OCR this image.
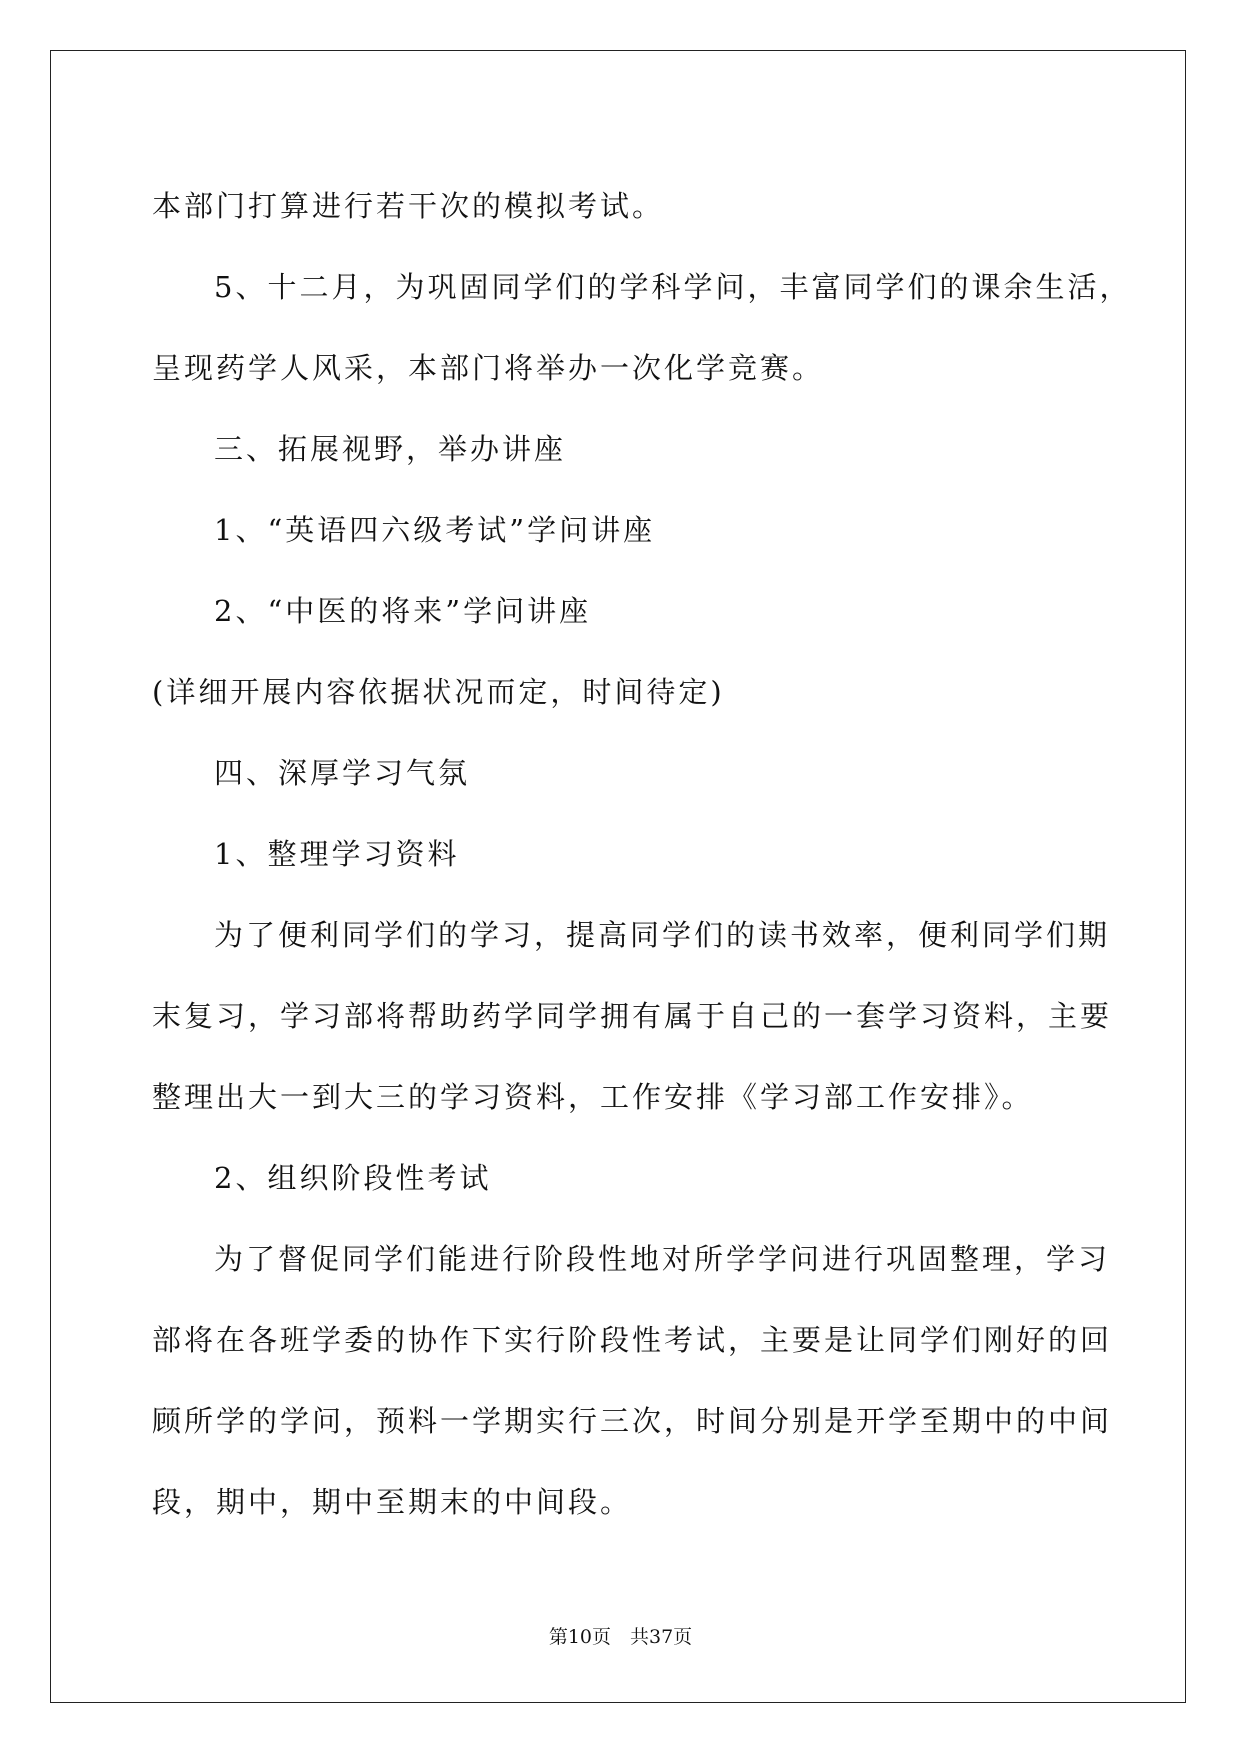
本部门打算进行若干次的模拟考试。

5、十二月，为巩固同学们的学科学问，丰富同学们的课余生活，

呈现药学人风采，本部门将举办一次化学竞赛。

三、拓展视野，举办讲座

1、“英语四六级考试”学问讲座

2、“中医的将来”学问讲座

(详细开展内容依据状况而定，时间待定)

四、深厚学习气氛

1、整理学习资料

为了便利同学们的学习，提高同学们的读书效率，便利同学们期

末复习，学习部将帮助药学同学拥有属于自己的一套学习资料，主要

整理出大一到大三的学习资料，工作安排《学习部工作安排》。

2、组织阶段性考试

为了督促同学们能进行阶段性地对所学学问进行巩固整理，学习

部将在各班学委的协作下实行阶段性考试，主要是让同学们刚好的回

顾所学的学问，预料一学期实行三次，时间分别是开学至期中的中间

段，期中，期中至期末的中间段。

第10页　共37页
